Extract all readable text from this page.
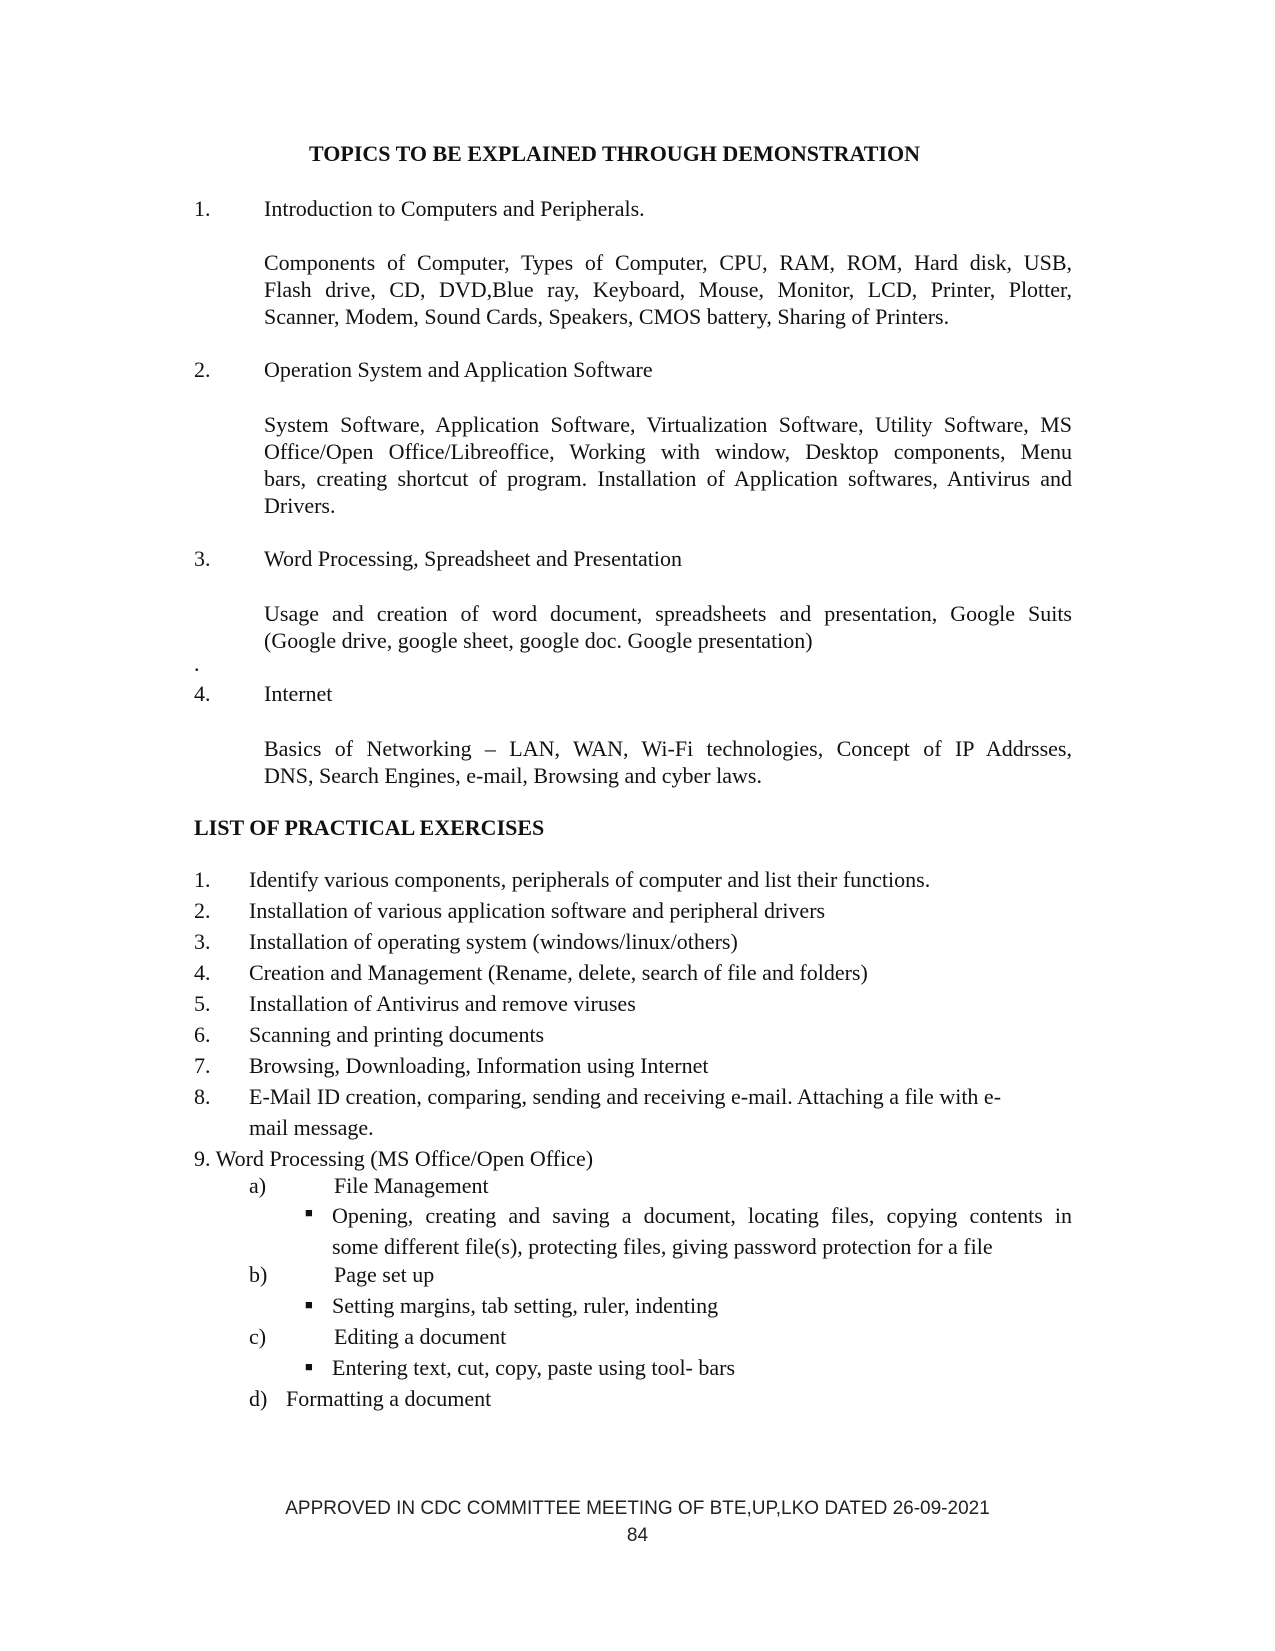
TOPICS TO BE EXPLAINED THROUGH DEMONSTRATION
1. Introduction to Computers and Peripherals.
Components of Computer, Types of Computer, CPU, RAM, ROM, Hard disk, USB,
Flash drive, CD, DVD,Blue ray, Keyboard, Mouse, Monitor, LCD, Printer, Plotter,
Scanner, Modem, Sound Cards, Speakers, CMOS battery, Sharing of Printers.
2. Operation System and Application Software
System Software, Application Software, Virtualization Software, Utility Software, MS
Office/Open Office/Libreoffice, Working with window, Desktop components, Menu
bars, creating shortcut of program. Installation of Application softwares, Antivirus and
Drivers.
3. Word Processing, Spreadsheet and Presentation
Usage and creation of word document, spreadsheets and presentation, Google Suits
(Google drive, google sheet, google doc. Google presentation)
.
4. Internet
Basics of Networking – LAN, WAN, Wi-Fi technologies, Concept of IP Addrsses,
DNS, Search Engines, e-mail, Browsing and cyber laws.
LIST OF PRACTICAL EXERCISES
1. Identify various components, peripherals of computer and list their functions.
2. Installation of various application software and peripheral drivers
3. Installation of operating system (windows/linux/others)
4. Creation and Management (Rename, delete, search of file and folders)
5. Installation of Antivirus and remove viruses
6. Scanning and printing documents
7. Browsing, Downloading, Information using Internet
8. E-Mail ID creation, comparing, sending and receiving e-mail. Attaching a file with e-
mail message.
9. Word Processing (MS Office/Open Office)
a)	File Management
■ Opening, creating and saving a document, locating files, copying contents in
some different file(s), protecting files, giving password protection for a file
b)	Page set up
■ Setting margins, tab setting, ruler, indenting
c)	Editing a document
■ Entering text, cut, copy, paste using tool- bars
d) Formatting a document
APPROVED IN CDC COMMITTEE MEETING OF BTE,UP,LKO DATED 26-09-2021
84
